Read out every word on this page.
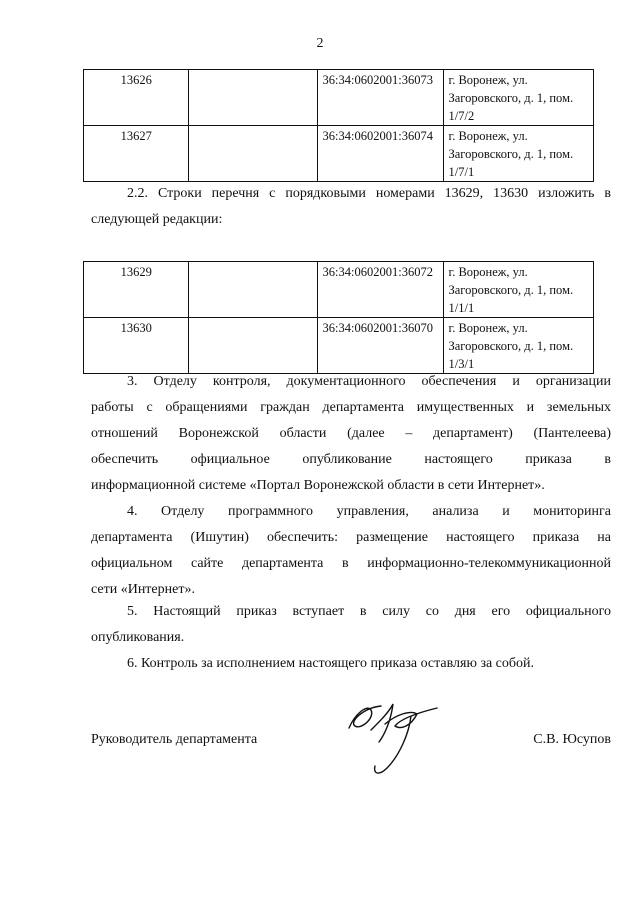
2
13626		36:34:0602001:36073	г. Воронеж, ул.
Загоровского, д. 1, пом.
1/7/2

13627		36:34:0602001:36074	г. Воронеж, ул.
Загоровского, д. 1, пом.
1/7/1
2.2. Строки перечня с порядковыми номерами 13629, 13630 изложить в
следующей редакции:
13629		36:34:0602001:36072	г. Воронеж, ул.
Загоровского, д. 1, пом.
1/1/1

13630		36:34:0602001:36070	г. Воронеж, ул.
Загоровского, д. 1, пом.
1/3/1
3. Отделу контроля, документационного обеспечения и организации
работы с обращениями граждан департамента имущественных и земельных
отношений Воронежской области (далее – департамент) (Пантелеева)
обеспечить официальное опубликование настоящего приказа в
информационной системе «Портал Воронежской области в сети Интернет».
4. Отделу программного управления, анализа и мониторинга
департамента (Ишутин) обеспечить: размещение настоящего приказа на
официальном сайте департамента в информационно-телекоммуникационной
сети «Интернет».
5. Настоящий приказ вступает в силу со дня его официального
опубликования.
6. Контроль за исполнением настоящего приказа оставляю за собой.
Руководитель департамента	С.В. Юсупов
